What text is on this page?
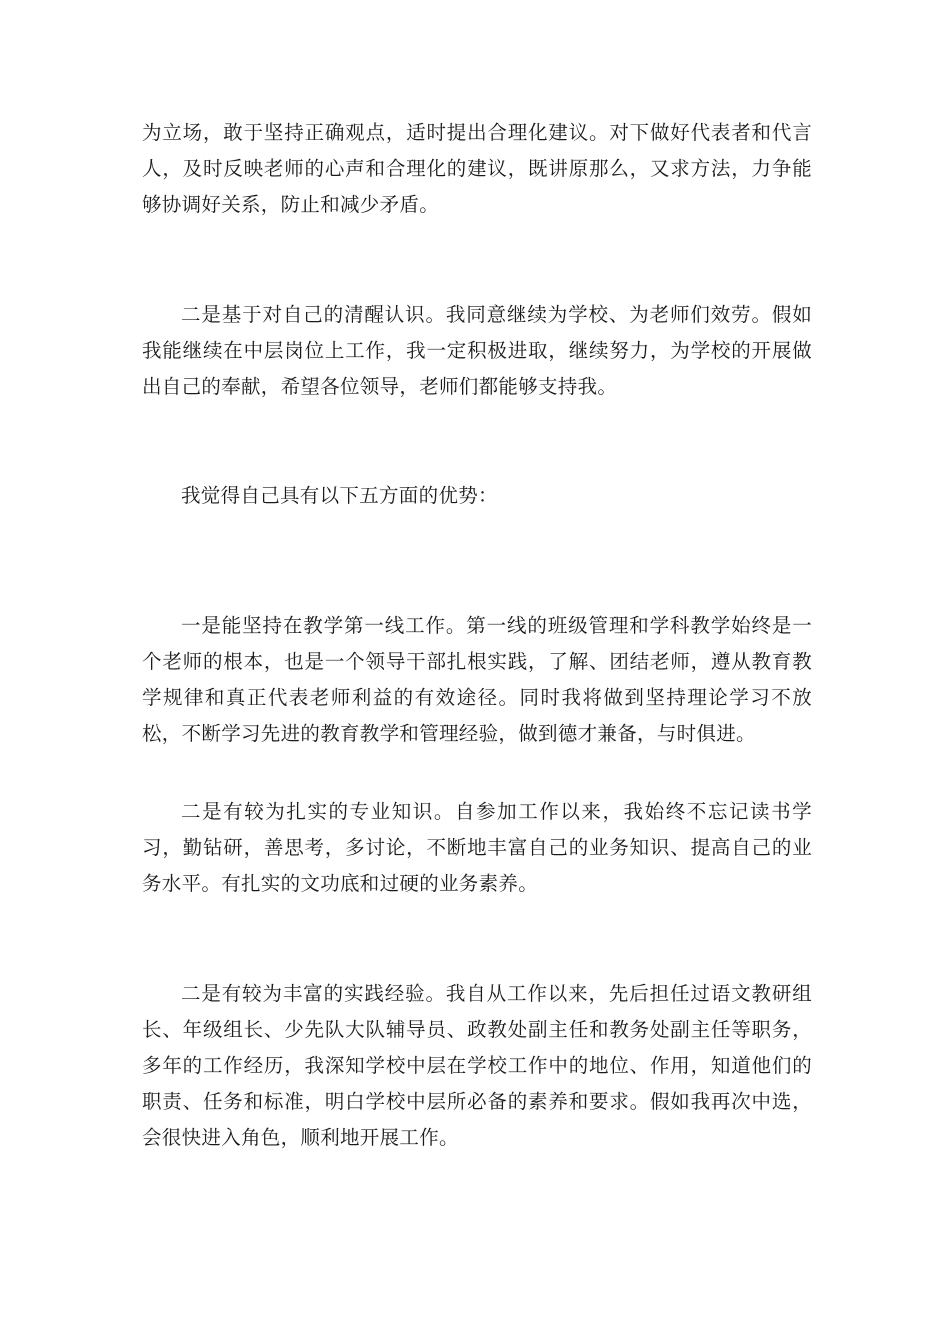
为立场，敢于坚持正确观点，适时提出合理化建议。对下做好代表者和代言人，及时反映老师的心声和合理化的建议，既讲原那么，又求方法，力争能够协调好关系，防止和减少矛盾。

二是基于对自己的清醒认识。我同意继续为学校、为老师们效劳。假如我能继续在中层岗位上工作，我一定积极进取，继续努力，为学校的开展做出自己的奉献，希望各位领导，老师们都能够支持我。

我觉得自己具有以下五方面的优势：

一是能坚持在教学第一线工作。第一线的班级管理和学科教学始终是一个老师的根本，也是一个领导干部扎根实践，了解、团结老师，遵从教育教学规律和真正代表老师利益的有效途径。同时我将做到坚持理论学习不放松，不断学习先进的教育教学和管理经验，做到德才兼备，与时俱进。

二是有较为扎实的专业知识。自参加工作以来，我始终不忘记读书学习，勤钻研，善思考，多讨论，不断地丰富自己的业务知识、提高自己的业务水平。有扎实的文功底和过硬的业务素养。

二是有较为丰富的实践经验。我自从工作以来，先后担任过语文教研组长、年级组长、少先队大队辅导员、政教处副主任和教务处副主任等职务，多年的工作经历，我深知学校中层在学校工作中的地位、作用，知道他们的职责、任务和标准，明白学校中层所必备的素养和要求。假如我再次中选，会很快进入角色，顺利地开展工作。
